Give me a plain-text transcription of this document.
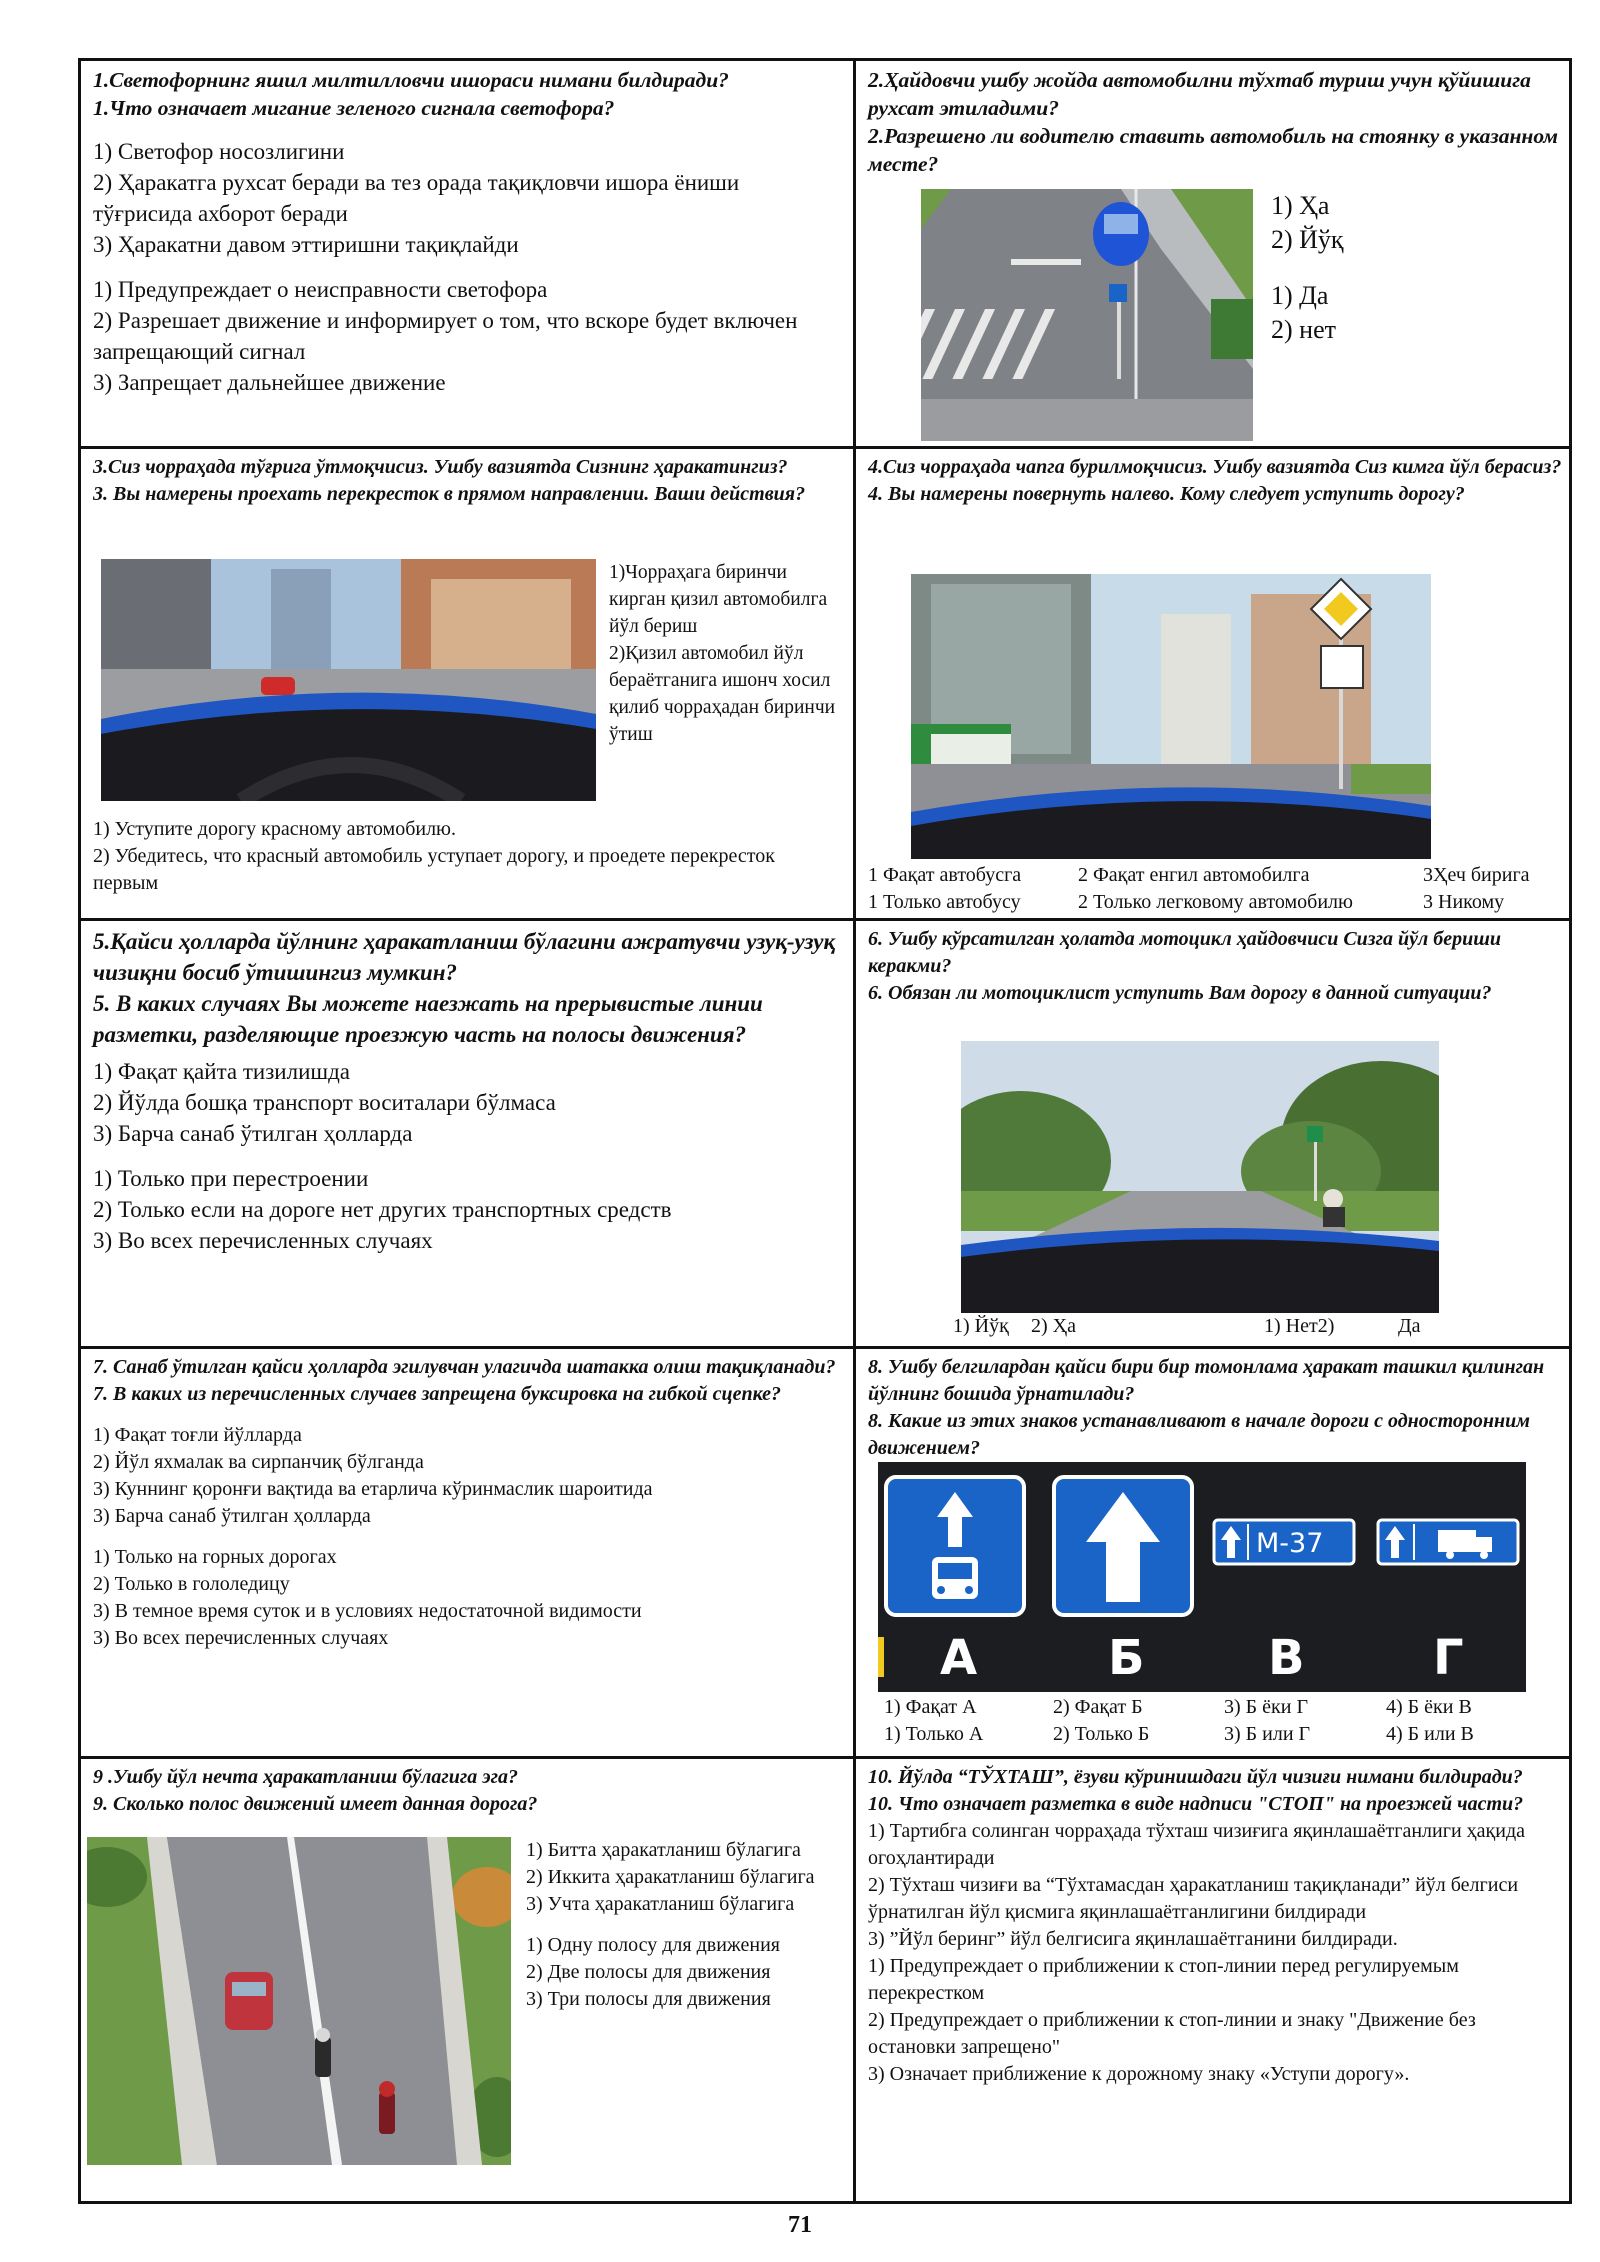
1.Светофорнинг яшил милтилловчи ишораси нимани билдиради?

1.Что означает мигание зеленого сигнала светофора?

1) Светофор носозлигини

2) Ҳаракатга рухсат беради ва тез орада тақиқловчи ишора ёниши тўғрисида ахборот беради

3) Ҳаракатни давом эттиришни тақиқлайди

1) Предупреждает о неисправности светофора

2) Разрешает движение и информирует о том, что вскоре будет включен запрещающий сигнал

3) Запрещает дальнейшее движение

2.Ҳайдовчи ушбу жойда автомобилни тўхтаб туриш учун қўйишига рухсат этиладими?

2.Разрешено ли водителю ставить автомобиль на стоянку в указанном месте?

1) Ҳа

2) Йўқ

1) Да

2) нет

3.Сиз чорраҳада тўғрига ўтмоқчисиз. Ушбу вазиятда Сизнинг ҳаракатингиз?

3. Вы намерены проехать перекресток в прямом направлении. Ваши действия?

1)Чорраҳага биринчи кирган қизил автомобилга йўл бериш

2)Қизил автомобил йўл бераётганига ишонч хосил қилиб чорраҳадан биринчи ўтиш

1) Уступите дорогу красному автомобилю.

2) Убедитесь, что красный автомобиль уступает дорогу, и проедете перекресток первым

4.Сиз чорраҳада чапга бурилмоқчисиз. Ушбу вазиятда Сиз кимга йўл берасиз?

4. Вы намерены повернуть налево. Кому следует уступить дорогу?

1 Фақат автобусга	2 Фақат енгил автомобилга	3Ҳеч бирига
1 Только автобусу	2 Только легковому автомобилю	3 Никому

5.Қайси ҳолларда йўлнинг ҳаракатланиш бўлагини ажратувчи узуқ-узуқ чизиқни босиб ўтишингиз мумкин?

5. В каких случаях Вы можете наезжать на прерывистые линии разметки, разделяющие проезжую часть на полосы движения?

1) Фақат қайта тизилишда

2) Йўлда бошқа транспорт воситалари бўлмаса

3) Барча санаб ўтилган ҳолларда

1) Только при перестроении

2) Только если на дороге нет других транспортных средств

3) Во всех перечисленных случаях

6. Ушбу кўрсатилган ҳолатда мотоцикл ҳайдовчиси Сизга йўл бериши керакми?

6. Обязан ли мотоциклист уступить Вам дорогу в данной ситуации?

1) Йўқ 2) Ҳа	1) Нет2)	Да

7. Санаб ўтилган қайси ҳолларда эгилувчан улагичда шатакка олиш тақиқланади?

7. В каких из перечисленных случаев запрещена буксировка на гибкой сцепке?

1) Фақат тоғли йўлларда

2) Йўл яхмалак ва сирпанчиқ бўлганда

3) Куннинг қоронғи вақтида ва етарлича кўринмаслик шароитида

3) Барча санаб ўтилган ҳолларда

1) Только на горных дорогах

2) Только в гололедицу

3) В темное время суток и в условиях недостаточной видимости

3) Во всех перечисленных случаях

8. Ушбу белгилардан қайси бири бир томонлама ҳаракат ташкил қилинган йўлнинг бошида ўрнатилади?

8. Какие из этих знаков устанавливают в начале дороги с односторонним движением?

М-37
А	Б	В	Г
1) Фақат А	2) Фақат Б	3) Б ёки Г	4) Б ёки В
1) Только А	2) Только Б	3) Б или Г	4) Б или В

9 .Ушбу йўл нечта ҳаракатланиш бўлагига эга?

9. Сколько полос движений имеет данная дорога?

1) Битта ҳаракатланиш бўлагига

2) Иккита ҳаракатланиш бўлагига

3) Учта ҳаракатланиш бўлагига

1) Одну полосу для движения

2) Две полосы для движения

3) Три полосы для движения

10. Йўлда “ТЎХТАШ”, ёзуви кўринишдаги йўл чизиғи нимани билдиради?

10. Что означает разметка в виде надписи "СТОП" на проезжей части?

1) Тартибга солинган чорраҳада тўхташ чизиғига яқинлашаётганлиги ҳақида огоҳлантиради

2) Тўхташ чизиғи ва “Тўхтамасдан ҳаракатланиш тақиқланади” йўл белгиси ўрнатилган йўл қисмига яқинлашаётганлигини билдиради

3) ”Йўл беринг” йўл белгисига яқинлашаётганини билдиради.

1) Предупреждает о приближении к стоп-линии перед регулируемым перекрестком

2) Предупреждает о приближении к стоп-линии и знаку "Движение без остановки запрещено"

3) Означает приближение к дорожному знаку «Уступи дорогу».

71
